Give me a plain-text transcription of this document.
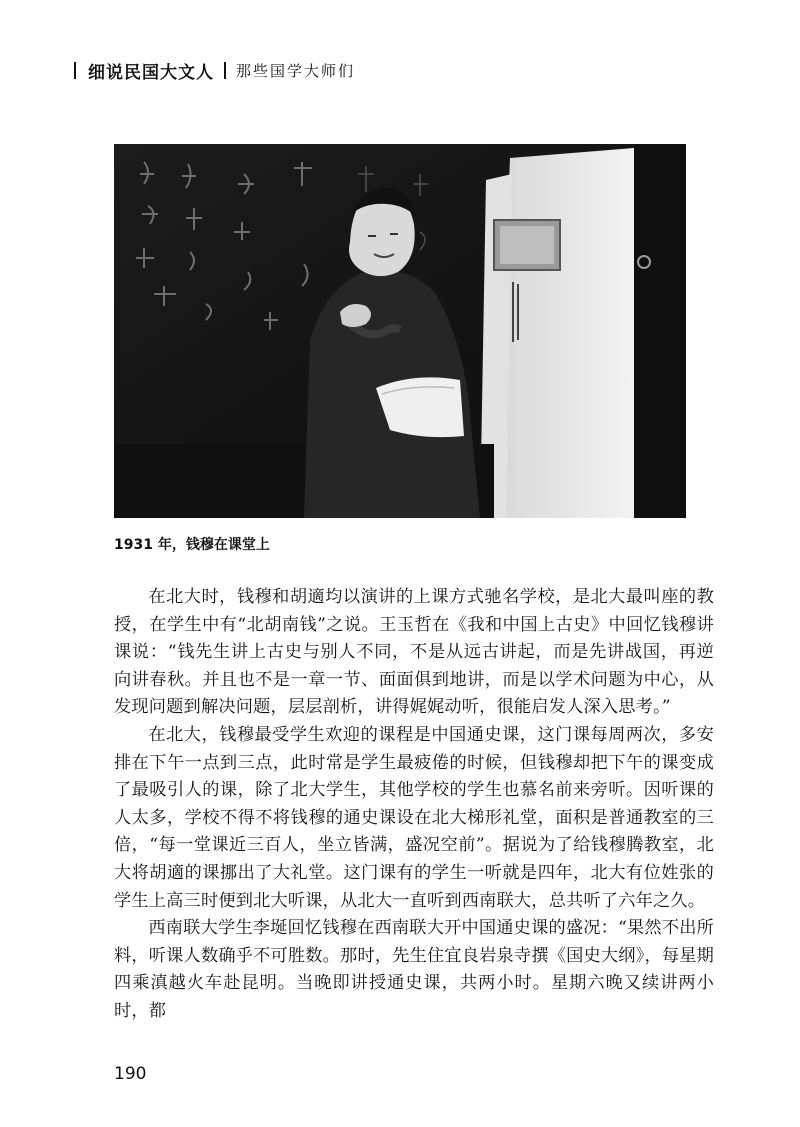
细说民国大文人 那些国学大师们
1931 年，钱穆在课堂上

在北大时，钱穆和胡適均以演讲的上课方式驰名学校，是北大最叫座的教授，在学生中有“北胡南钱”之说。王玉哲在《我和中国上古史》中回忆钱穆讲课说：“钱先生讲上古史与别人不同，不是从远古讲起，而是先讲战国，再逆向讲春秋。并且也不是一章一节、面面俱到地讲，而是以学术问题为中心，从发现问题到解决问题，层层剖析，讲得娓娓动听，很能启发人深入思考。”

在北大，钱穆最受学生欢迎的课程是中国通史课，这门课每周两次，多安排在下午一点到三点，此时常是学生最疲倦的时候，但钱穆却把下午的课变成了最吸引人的课，除了北大学生，其他学校的学生也慕名前来旁听。因听课的人太多，学校不得不将钱穆的通史课设在北大梯形礼堂，面积是普通教室的三倍，“每一堂课近三百人，坐立皆满，盛况空前”。据说为了给钱穆腾教室，北大将胡適的课挪出了大礼堂。这门课有的学生一听就是四年，北大有位姓张的学生上高三时便到北大听课，从北大一直听到西南联大，总共听了六年之久。

西南联大学生李埏回忆钱穆在西南联大开中国通史课的盛况：“果然不出所料，听课人数确乎不可胜数。那时，先生住宜良岩泉寺撰《国史大纲》，每星期四乘滇越火车赴昆明。当晚即讲授通史课，共两小时。星期六晚又续讲两小时，都

190
